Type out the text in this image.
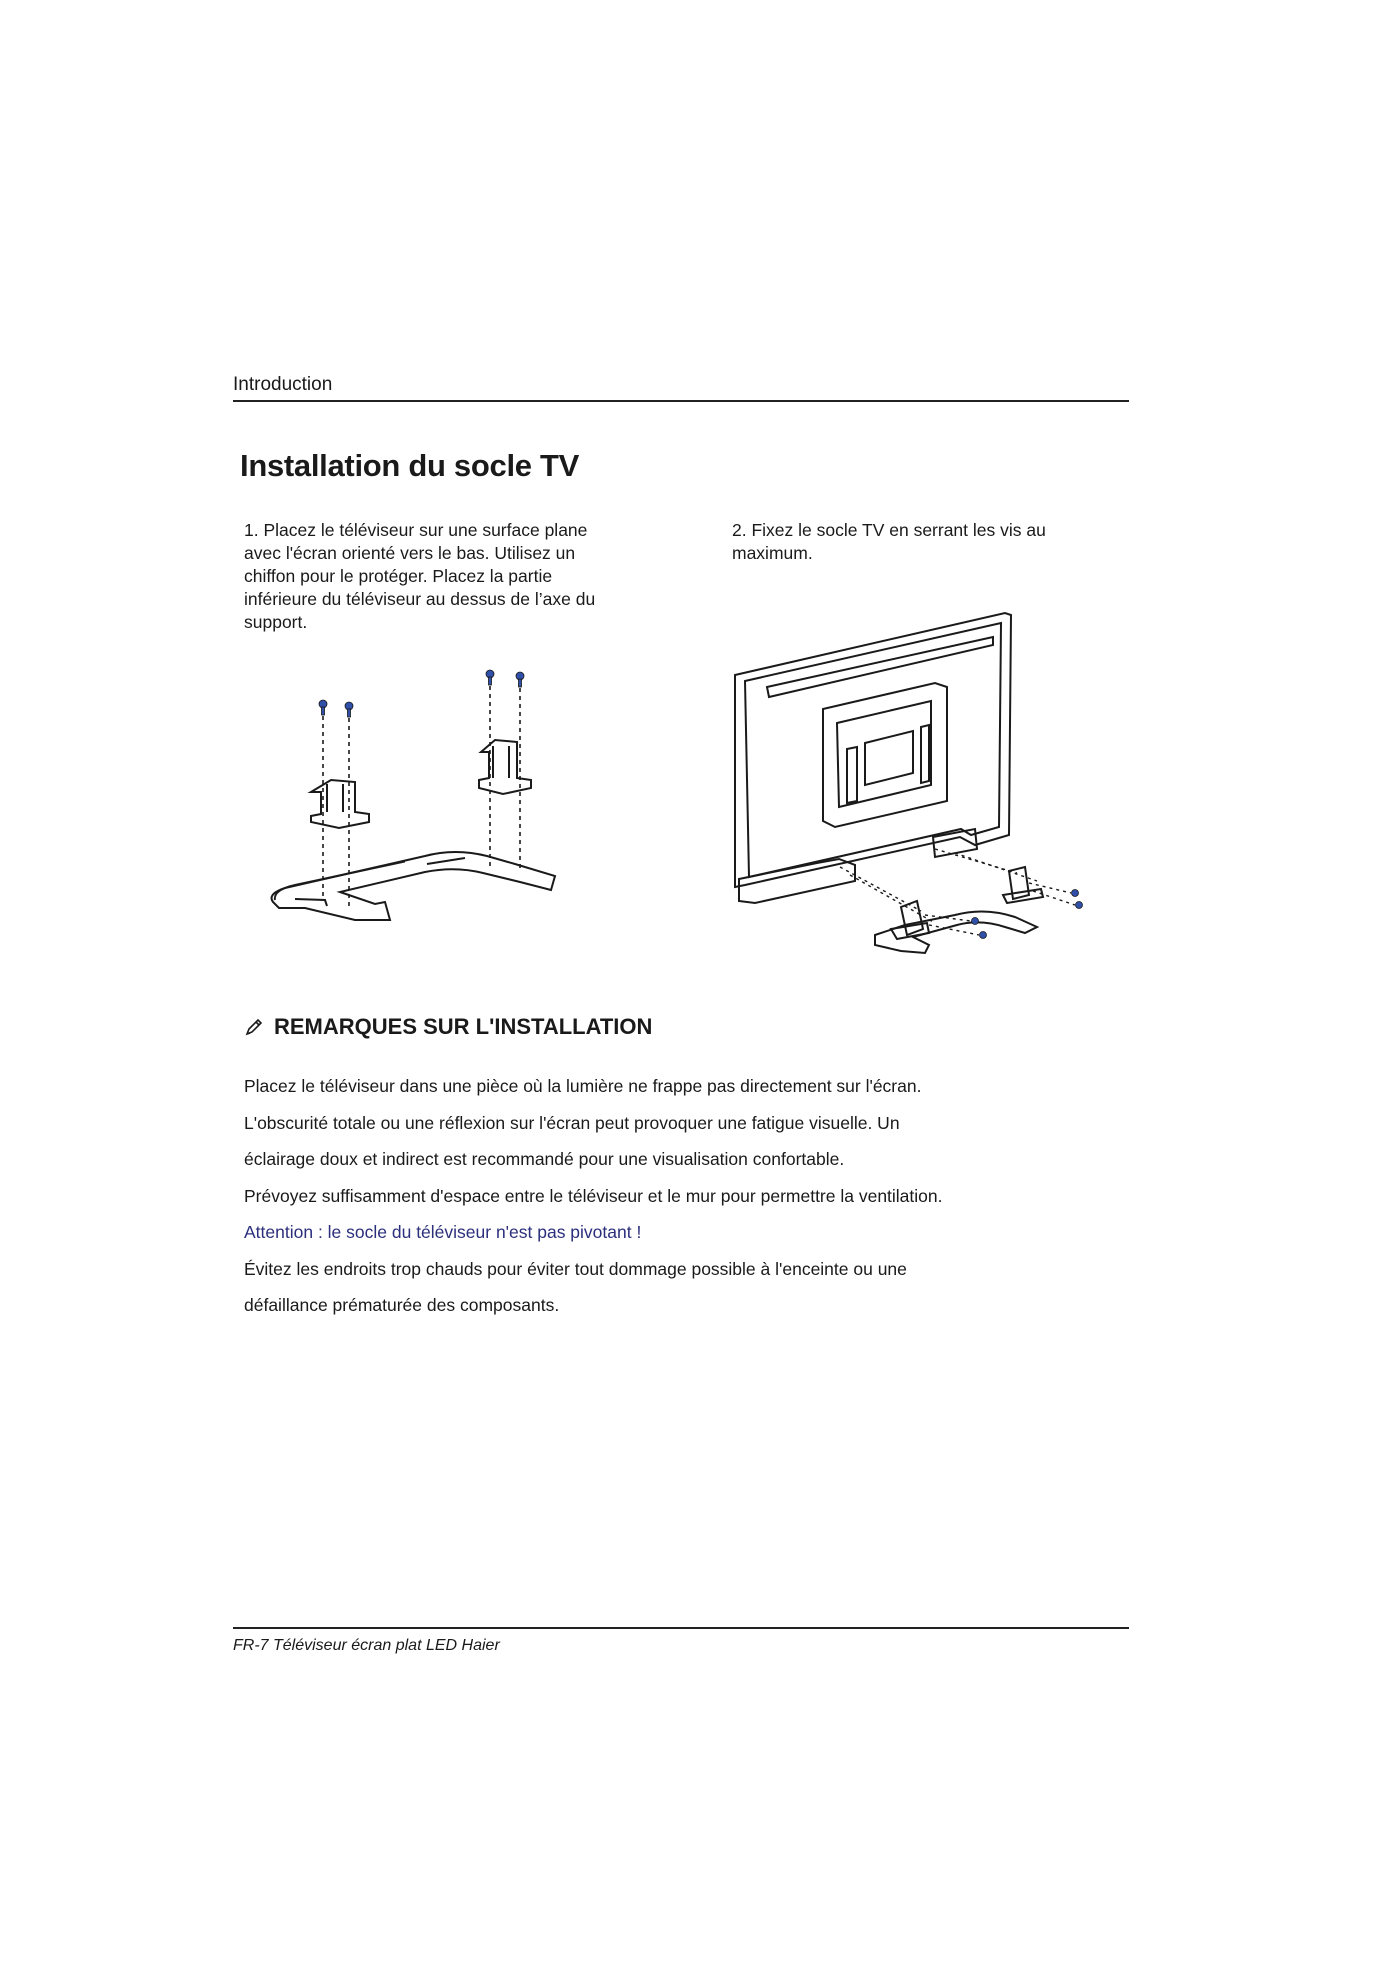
Introduction
Installation du socle TV

1. Placez le téléviseur sur une surface plane avec l'écran orienté vers le bas. Utilisez un chiffon pour le protéger. Placez la partie inférieure du téléviseur au dessus de l’axe du support.

2. Fixez le socle TV en serrant les vis au maximum.

REMARQUES SUR L'INSTALLATION
Placez le téléviseur dans une pièce où la lumière ne frappe pas directement sur l'écran.
L'obscurité totale ou une réflexion sur l'écran peut provoquer une fatigue visuelle. Un
éclairage doux et indirect est recommandé pour une visualisation confortable.
Prévoyez suffisamment d'espace entre le téléviseur et le mur pour permettre la ventilation.
Attention : le socle du téléviseur n'est pas pivotant !
Évitez les endroits trop chauds pour éviter tout dommage possible à l'enceinte ou une
défaillance prématurée des composants.
FR-7 Téléviseur écran plat LED Haier
